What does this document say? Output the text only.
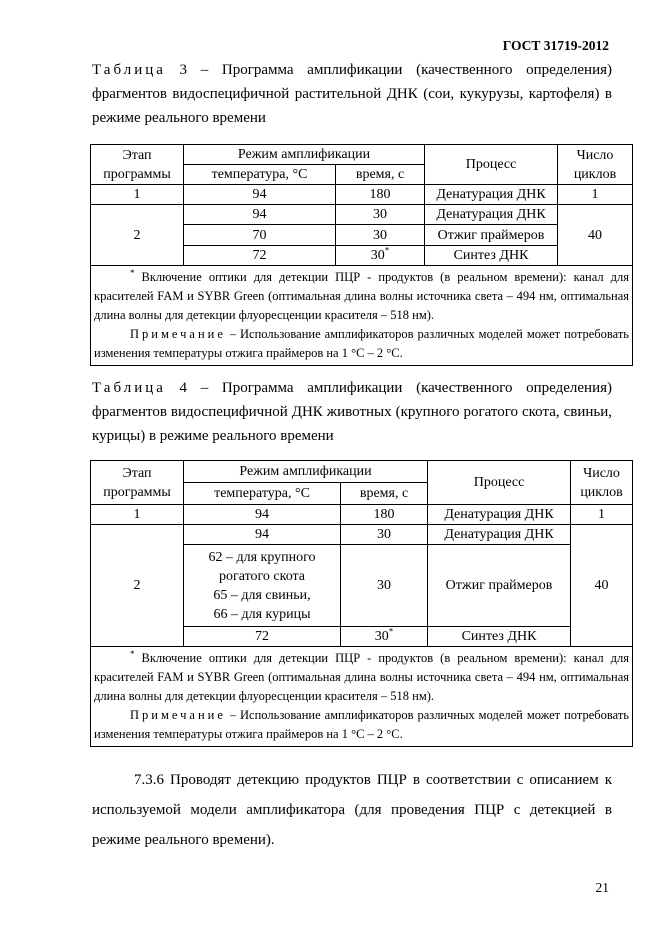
ГОСТ 31719-2012
Таблица 3 – Программа амплификации (качественного определения) фрагментов видоспецифичной растительной ДНК (сои, кукурузы, картофеля) в режиме реального времени
Этап программы	Режим амплификации		Процесс	Число циклов
	температура, °С	время, с		
1	94	180	Денатурация ДНК	1
2	94	30	Денатурация ДНК	40
	70	30	Отжиг праймеров	
	72	30*	Синтез ДНК	

* Включение оптики для детекции ПЦР - продуктов (в реальном времени): канал для красителей FAM и SYBR Green (оптимальная длина волны источника света – 494 нм, оптимальная длина волны для детекции флуоресценции красителя – 518 нм).
Примечание – Использование амплификаторов различных моделей может потребовать изменения температуры отжига праймеров на 1 °С – 2 °С.				
Таблица 4 – Программа амплификации (качественного определения) фрагментов видоспецифичной ДНК животных (крупного рогатого скота, свиньи, курицы) в режиме реального времени
Этап программы	Режим амплификации		Процесс	Число циклов
	температура, °С	время, с		
1	94	180	Денатурация ДНК	1
2	94	30	Денатурация ДНК	40

	62 – для крупного
рогатого скота
65 – для свиньи,
66 – для курицы	30	Отжиг праймеров	
	72	30*	Синтез ДНК	

* Включение оптики для детекции ПЦР - продуктов (в реальном времени): канал для красителей FAM и SYBR Green (оптимальная длина волны источника света – 494 нм, оптимальная длина волны для детекции флуоресценции красителя – 518 нм).
Примечание – Использование амплификаторов различных моделей может потребовать изменения температуры отжига праймеров на 1 °С – 2 °С.				
7.3.6 Проводят детекцию продуктов ПЦР в соответствии с описанием к используемой модели амплификатора (для проведения ПЦР с детекцией в режиме реального времени).
21
